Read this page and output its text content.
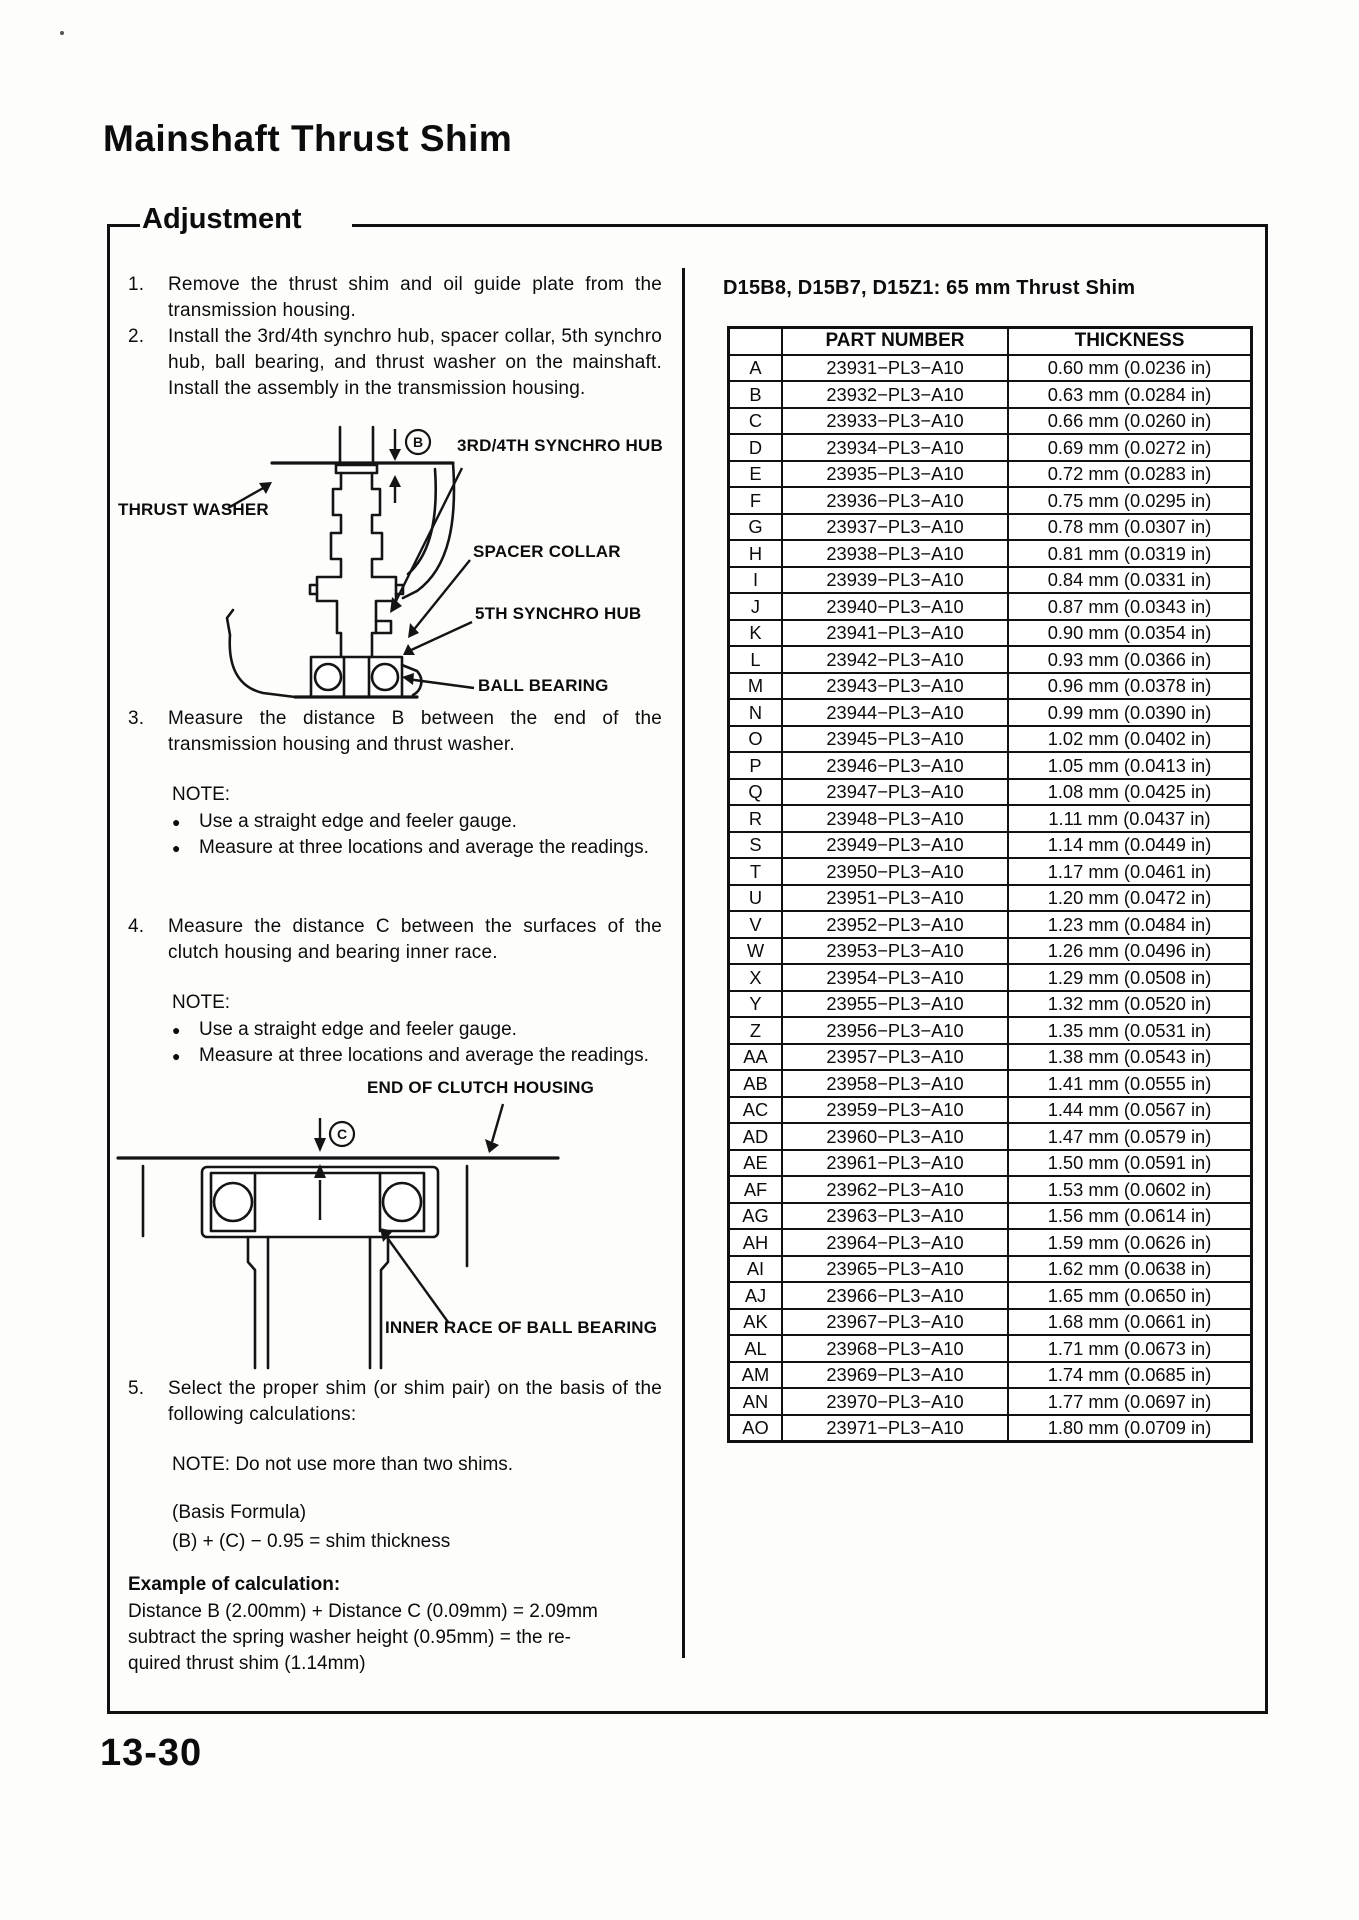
Mainshaft Thrust Shim
Adjustment
1. Remove the thrust shim and oil guide plate from the transmission housing.
2. Install the 3rd/4th synchro hub, spacer collar, 5th synchro hub, ball bearing, and thrust washer on the mainshaft. Install the assembly in the transmission housing.
B 3RD/4TH SYNCHRO HUB
THRUST WASHER
SPACER COLLAR
5TH SYNCHRO HUB
BALL BEARING
3. Measure the distance B between the end of the transmission housing and thrust washer.
NOTE:
● Use a straight edge and feeler gauge.
● Measure at three locations and average the readings.
4. Measure the distance C between the surfaces of the clutch housing and bearing inner race.
NOTE:
● Use a straight edge and feeler gauge.
● Measure at three locations and average the readings.
END OF CLUTCH HOUSING
C
INNER RACE OF BALL BEARING
5. Select the proper shim (or shim pair) on the basis of the following calculations:
NOTE: Do not use more than two shims.
(Basis Formula)
(B) + (C) − 0.95 = shim thickness
Example of calculation:
Distance B (2.00mm) + Distance C (0.09mm) = 2.09mm
subtract the spring washer height (0.95mm) = the re-
quired thrust shim (1.14mm)
D15B8, D15B7, D15Z1: 65 mm Thrust Shim
	PART NUMBER	THICKNESS
A	23931−PL3−A10	0.60 mm (0.0236 in)
B	23932−PL3−A10	0.63 mm (0.0284 in)
C	23933−PL3−A10	0.66 mm (0.0260 in)
D	23934−PL3−A10	0.69 mm (0.0272 in)
E	23935−PL3−A10	0.72 mm (0.0283 in)
F	23936−PL3−A10	0.75 mm (0.0295 in)
G	23937−PL3−A10	0.78 mm (0.0307 in)
H	23938−PL3−A10	0.81 mm (0.0319 in)
I	23939−PL3−A10	0.84 mm (0.0331 in)
J	23940−PL3−A10	0.87 mm (0.0343 in)
K	23941−PL3−A10	0.90 mm (0.0354 in)
L	23942−PL3−A10	0.93 mm (0.0366 in)
M	23943−PL3−A10	0.96 mm (0.0378 in)
N	23944−PL3−A10	0.99 mm (0.0390 in)
O	23945−PL3−A10	1.02 mm (0.0402 in)
P	23946−PL3−A10	1.05 mm (0.0413 in)
Q	23947−PL3−A10	1.08 mm (0.0425 in)
R	23948−PL3−A10	1.11 mm (0.0437 in)
S	23949−PL3−A10	1.14 mm (0.0449 in)
T	23950−PL3−A10	1.17 mm (0.0461 in)
U	23951−PL3−A10	1.20 mm (0.0472 in)
V	23952−PL3−A10	1.23 mm (0.0484 in)
W	23953−PL3−A10	1.26 mm (0.0496 in)
X	23954−PL3−A10	1.29 mm (0.0508 in)
Y	23955−PL3−A10	1.32 mm (0.0520 in)
Z	23956−PL3−A10	1.35 mm (0.0531 in)
AA	23957−PL3−A10	1.38 mm (0.0543 in)
AB	23958−PL3−A10	1.41 mm (0.0555 in)
AC	23959−PL3−A10	1.44 mm (0.0567 in)
AD	23960−PL3−A10	1.47 mm (0.0579 in)
AE	23961−PL3−A10	1.50 mm (0.0591 in)
AF	23962−PL3−A10	1.53 mm (0.0602 in)
AG	23963−PL3−A10	1.56 mm (0.0614 in)
AH	23964−PL3−A10	1.59 mm (0.0626 in)
AI	23965−PL3−A10	1.62 mm (0.0638 in)
AJ	23966−PL3−A10	1.65 mm (0.0650 in)
AK	23967−PL3−A10	1.68 mm (0.0661 in)
AL	23968−PL3−A10	1.71 mm (0.0673 in)
AM	23969−PL3−A10	1.74 mm (0.0685 in)
AN	23970−PL3−A10	1.77 mm (0.0697 in)
AO	23971−PL3−A10	1.80 mm (0.0709 in)
13-30
